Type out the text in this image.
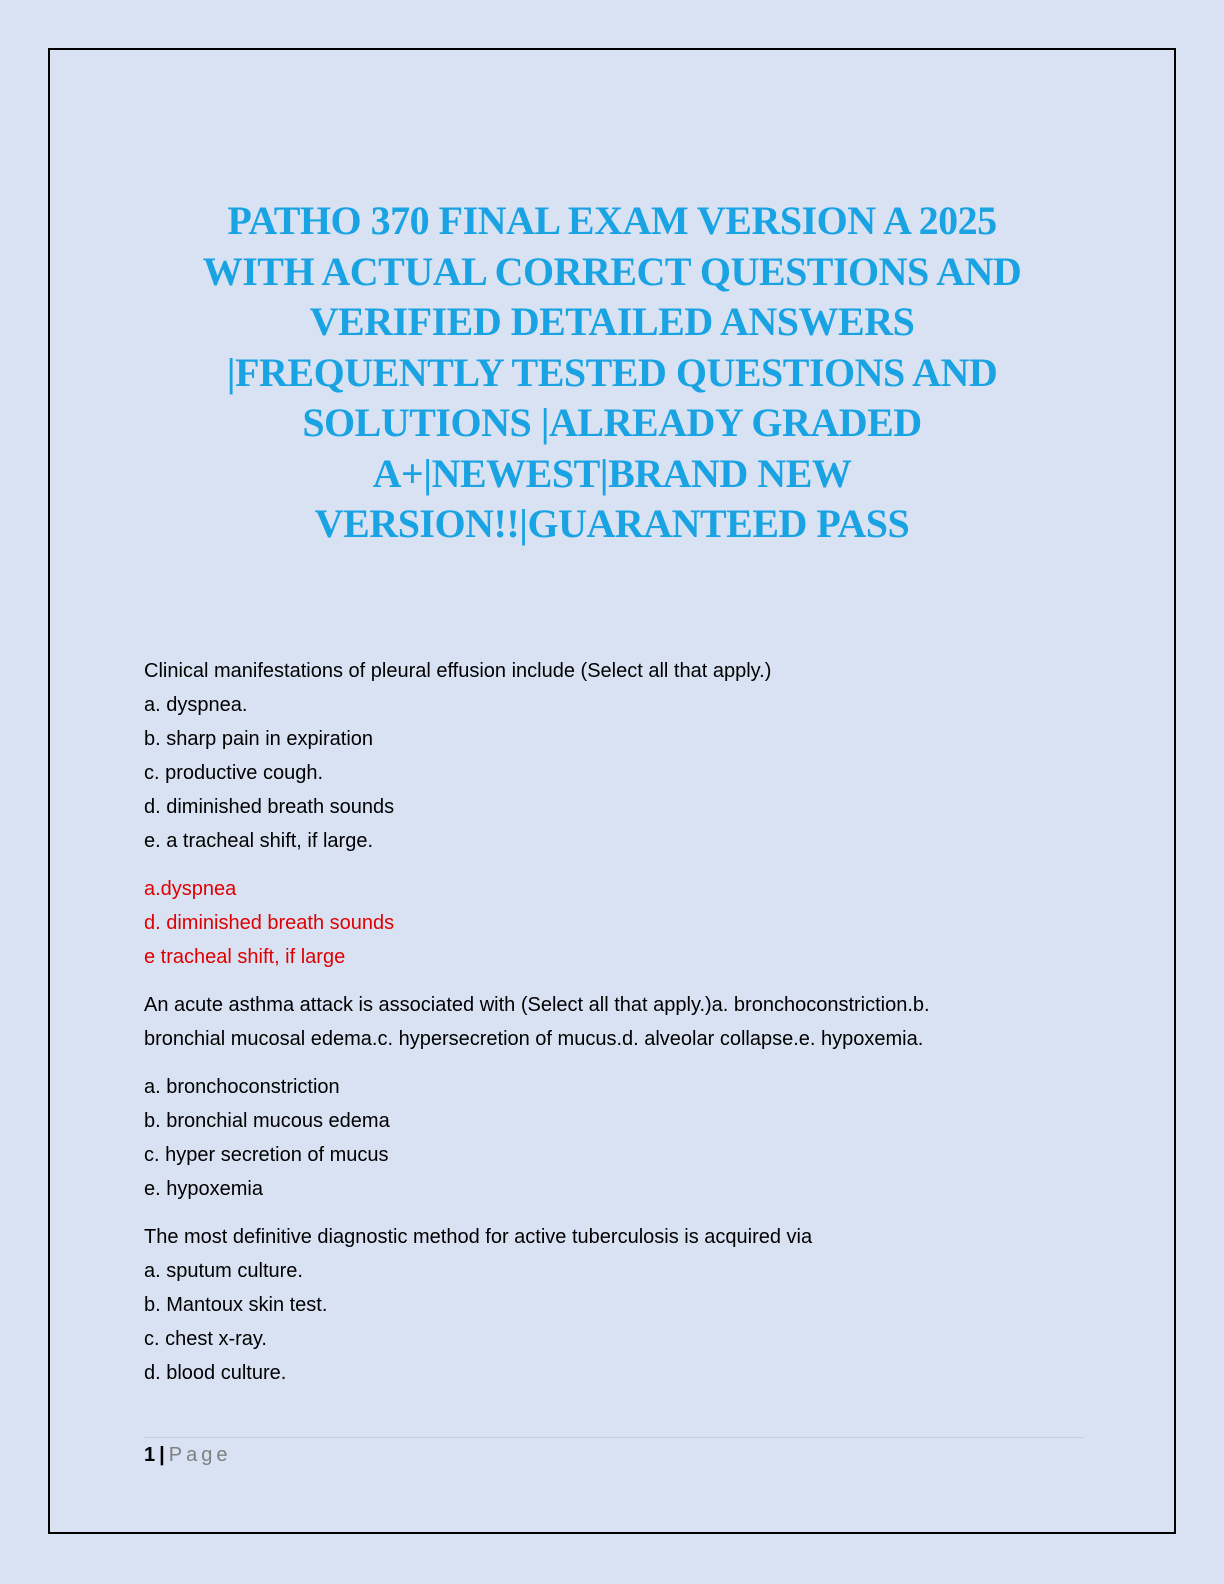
PATHO 370 FINAL EXAM VERSION A 2025
WITH ACTUAL CORRECT QUESTIONS AND
VERIFIED DETAILED ANSWERS
|FREQUENTLY TESTED QUESTIONS AND
SOLUTIONS |ALREADY GRADED
A+|NEWEST|BRAND NEW
VERSION!!|GUARANTEED PASS
Clinical manifestations of pleural effusion include (Select all that apply.)
a. dyspnea.
b. sharp pain in expiration
c. productive cough.
d. diminished breath sounds
e. a tracheal shift, if large.
a.dyspnea
d. diminished breath sounds
e tracheal shift, if large
An acute asthma attack is associated with (Select all that apply.)a. bronchoconstriction.b.
bronchial mucosal edema.c. hypersecretion of mucus.d. alveolar collapse.e. hypoxemia.
a. bronchoconstriction
b. bronchial mucous edema
c. hyper secretion of mucus
e. hypoxemia
The most definitive diagnostic method for active tuberculosis is acquired via
a. sputum culture.
b. Mantoux skin test.
c. chest x-ray.
d. blood culture.
1 | Page
